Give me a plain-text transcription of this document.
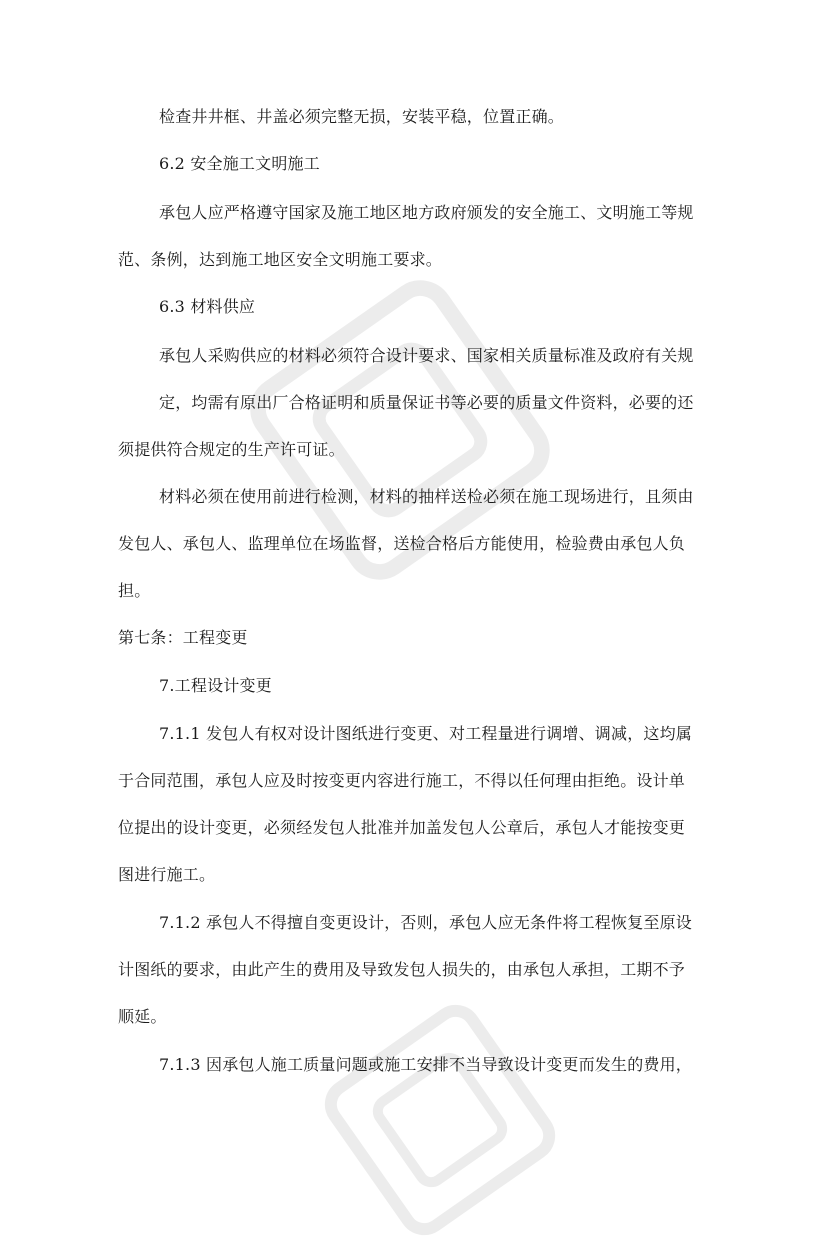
检查井井框、井盖必须完整无损，安装平稳，位置正确。

6.2 安全施工文明施工

承包人应严格遵守国家及施工地区地方政府颁发的安全施工、文明施工等规

范、条例，达到施工地区安全文明施工要求。

6.3 材料供应

承包人采购供应的材料必须符合设计要求、国家相关质量标准及政府有关规

定，均需有原出厂合格证明和质量保证书等必要的质量文件资料，必要的还

须提供符合规定的生产许可证。

材料必须在使用前进行检测，材料的抽样送检必须在施工现场进行，且须由

发包人、承包人、监理单位在场监督，送检合格后方能使用，检验费由承包人负

担。

第七条：工程变更

7.工程设计变更

7.1.1 发包人有权对设计图纸进行变更、对工程量进行调增、调减，这均属

于合同范围，承包人应及时按变更内容进行施工，不得以任何理由拒绝。设计单

位提出的设计变更，必须经发包人批准并加盖发包人公章后，承包人才能按变更

图进行施工。

7.1.2 承包人不得擅自变更设计，否则，承包人应无条件将工程恢复至原设

计图纸的要求，由此产生的费用及导致发包人损失的，由承包人承担，工期不予

顺延。

7.1.3 因承包人施工质量问题或施工安排不当导致设计变更而发生的费用，
